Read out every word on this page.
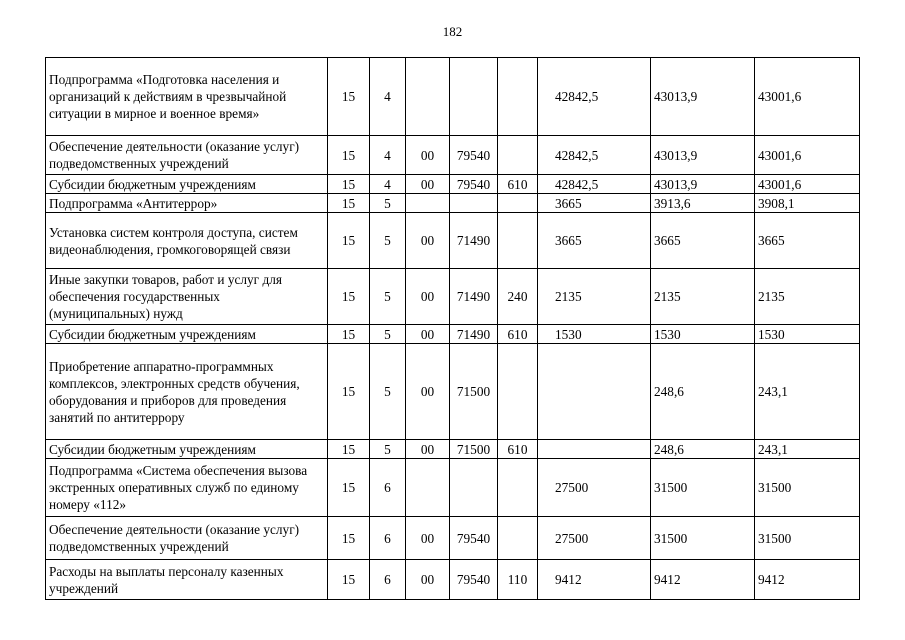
182
Подпрограмма «Подготовка населения и организаций к действиям в чрезвычайной ситуации в мирное и военное время»	15	4				42842,5	43013,9	43001,6
Обеспечение деятельности (оказание услуг) подведомственных учреждений	15	4	00	79540		42842,5	43013,9	43001,6
Субсидии бюджетным учреждениям	15	4	00	79540	610	42842,5	43013,9	43001,6
Подпрограмма «Антитеррор»	15	5				3665	3913,6	3908,1
Установка систем контроля доступа, систем видеонаблюдения, громкоговорящей связи	15	5	00	71490		3665	3665	3665
Иные закупки товаров, работ и услуг для обеспечения государственных (муниципальных) нужд	15	5	00	71490	240	2135	2135	2135
Субсидии бюджетным учреждениям	15	5	00	71490	610	1530	1530	1530
Приобретение аппаратно-программных комплексов, электронных средств обучения, оборудования и приборов для проведения занятий по антитеррору	15	5	00	71500			248,6	243,1
Субсидии бюджетным учреждениям	15	5	00	71500	610		248,6	243,1
Подпрограмма «Система обеспечения вызова экстренных оперативных служб по единому номеру «112»	15	6				27500	31500	31500
Обеспечение деятельности (оказание услуг) подведомственных учреждений	15	6	00	79540		27500	31500	31500
Расходы на выплаты персоналу казенных учреждений	15	6	00	79540	110	9412	9412	9412
